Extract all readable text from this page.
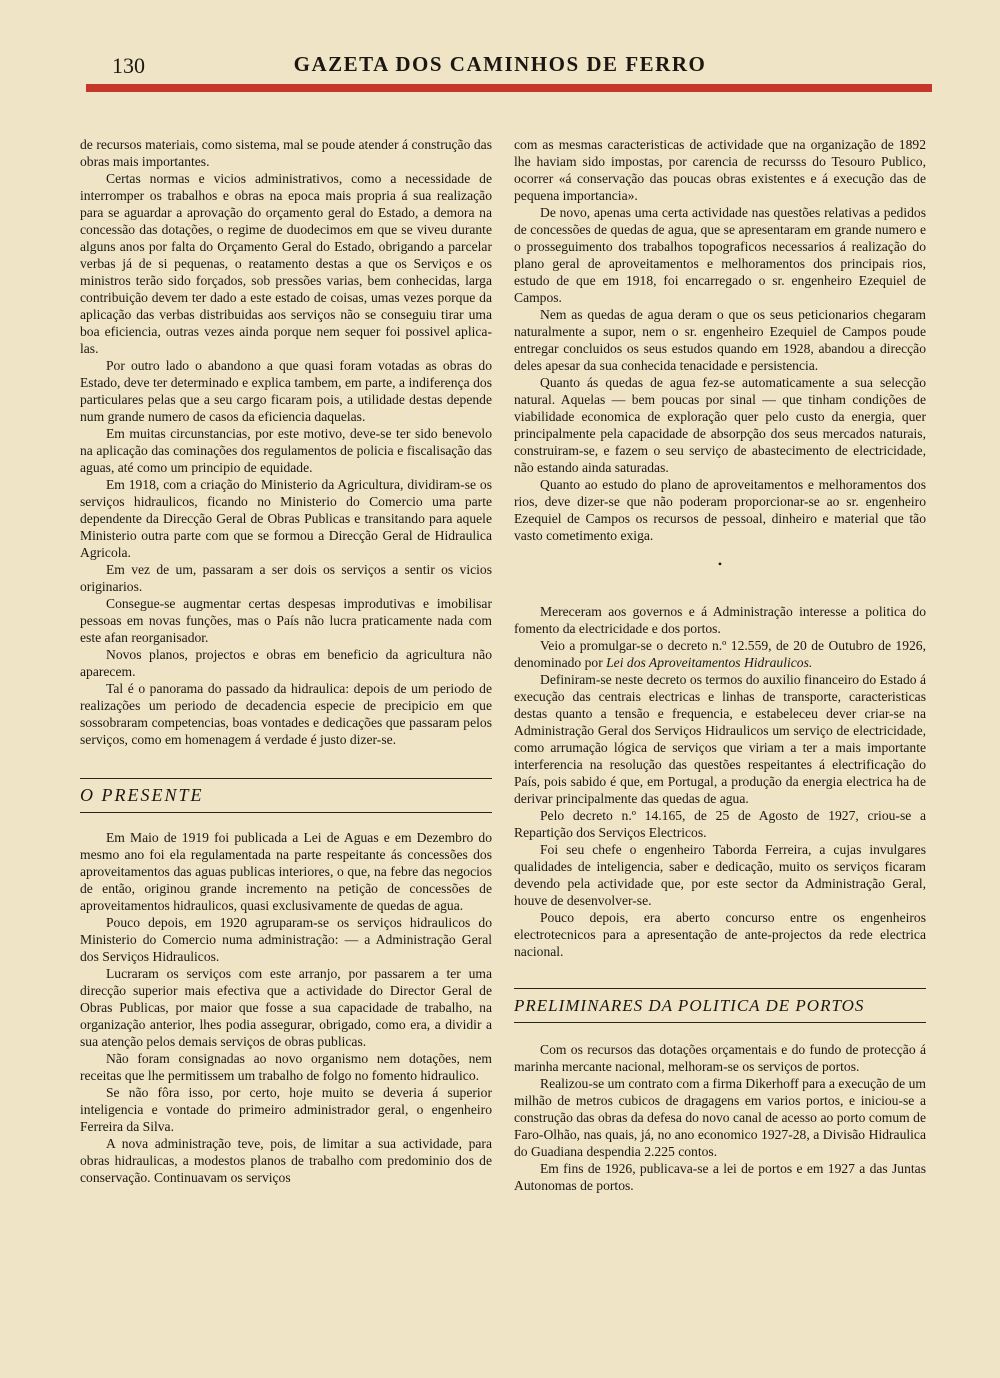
130	GAZETA DOS CAMINHOS DE FERRO

de recursos materiais, como sistema, mal se poude atender á construção das obras mais importantes.

Certas normas e vicios administrativos, como a necessidade de interromper os trabalhos e obras na epoca mais propria á sua realização para se aguardar a aprovação do orçamento geral do Estado, a demora na concessão das dotações, o regime de duodecimos em que se viveu durante alguns anos por falta do Orçamento Geral do Estado, obrigando a parcelar verbas já de si pequenas, o reatamento destas a que os Serviços e os ministros terão sido forçados, sob pressões varias, bem conhecidas, larga contribuição devem ter dado a este estado de coisas, umas vezes porque da aplicação das verbas distribuidas aos serviços não se conseguiu tirar uma boa eficiencia, outras vezes ainda porque nem sequer foi possivel aplica-las.

Por outro lado o abandono a que quasi foram votadas as obras do Estado, deve ter determinado e explica tambem, em parte, a indiferença dos particulares pelas que a seu cargo ficaram pois, a utilidade destas depende num grande numero de casos da eficiencia daquelas.

Em muitas circunstancias, por este motivo, deve-se ter sido benevolo na aplicação das cominações dos regulamentos de policia e fiscalisação das aguas, até como um principio de equidade.

Em 1918, com a criação do Ministerio da Agricultura, dividiram-se os serviços hidraulicos, ficando no Ministerio do Comercio uma parte dependente da Direcção Geral de Obras Publicas e transitando para aquele Ministerio outra parte com que se formou a Direcção Geral de Hidraulica Agricola.

Em vez de um, passaram a ser dois os serviços a sentir os vicios originarios.

Consegue-se augmentar certas despesas improdutivas e imobilisar pessoas em novas funções, mas o País não lucra praticamente nada com este afan reorganisador.

Novos planos, projectos e obras em beneficio da agricultura não aparecem.

Tal é o panorama do passado da hidraulica: depois de um periodo de realizações um periodo de decadencia especie de precipicio em que sossobraram competencias, boas vontades e dedicações que passaram pelos serviços, como em homenagem á verdade é justo dizer-se.

O PRESENTE

Em Maio de 1919 foi publicada a Lei de Aguas e em Dezembro do mesmo ano foi ela regulamentada na parte respeitante ás concessões dos aproveitamentos das aguas publicas interiores, o que, na febre das negocios de então, originou grande incremento na petição de concessões de aproveitamentos hidraulicos, quasi exclusivamente de quedas de agua.

Pouco depois, em 1920 agruparam-se os serviços hidraulicos do Ministerio do Comercio numa administração: — a Administração Geral dos Serviços Hidraulicos.

Lucraram os serviços com este arranjo, por passarem a ter uma direcção superior mais efectiva que a actividade do Director Geral de Obras Publicas, por maior que fosse a sua capacidade de trabalho, na organização anterior, lhes podia assegurar, obrigado, como era, a dividir a sua atenção pelos demais serviços de obras publicas.

Não foram consignadas ao novo organismo nem dotações, nem receitas que lhe permitissem um trabalho de folgo no fomento hidraulico.

Se não fôra isso, por certo, hoje muito se deveria á superior inteligencia e vontade do primeiro administrador geral, o engenheiro Ferreira da Silva.

A nova administração teve, pois, de limitar a sua actividade, para obras hidraulicas, a modestos planos de trabalho com predominio dos de conservação. Continuavam os serviços

com as mesmas caracteristicas de actividade que na organização de 1892 lhe haviam sido impostas, por carencia de recursss do Tesouro Publico, ocorrer «á conservação das poucas obras existentes e á execução das de pequena importancia».

De novo, apenas uma certa actividade nas questões relativas a pedidos de concessões de quedas de agua, que se apresentaram em grande numero e o prosseguimento dos trabalhos topograficos necessarios á realização do plano geral de aproveitamentos e melhoramentos dos principais rios, estudo de que em 1918, foi encarregado o sr. engenheiro Ezequiel de Campos.

Nem as quedas de agua deram o que os seus peticionarios chegaram naturalmente a supor, nem o sr. engenheiro Ezequiel de Campos poude entregar concluidos os seus estudos quando em 1928, abandou a direcção deles apesar da sua conhecida tenacidade e persistencia.

Quanto ás quedas de agua fez-se automaticamente a sua selecção natural. Aquelas — bem poucas por sinal — que tinham condições de viabilidade economica de exploração quer pelo custo da energia, quer principalmente pela capacidade de absorpção dos seus mercados naturais, construiram-se, e fazem o seu serviço de abastecimento de electricidade, não estando ainda saturadas.

Quanto ao estudo do plano de aproveitamentos e melhoramentos dos rios, deve dizer-se que não poderam proporcionar-se ao sr. engenheiro Ezequiel de Campos os recursos de pessoal, dinheiro e material que tão vasto cometimento exiga.

•

Mereceram aos governos e á Administração interesse a politica do fomento da electricidade e dos portos.

Veio a promulgar-se o decreto n.º 12.559, de 20 de Outubro de 1926, denominado por Lei dos Aproveitamentos Hidraulicos.

Definiram-se neste decreto os termos do auxilio financeiro do Estado á execução das centrais electricas e linhas de transporte, caracteristicas destas quanto a tensão e frequencia, e estabeleceu dever criar-se na Administração Geral dos Serviços Hidraulicos um serviço de electricidade, como arrumação lógica de serviços que viriam a ter a mais importante interferencia na resolução das questões respeitantes á electrificação do País, pois sabido é que, em Portugal, a produção da energia electrica ha de derivar principalmente das quedas de agua.

Pelo decreto n.º 14.165, de 25 de Agosto de 1927, criou-se a Repartição dos Serviços Electricos.

Foi seu chefe o engenheiro Taborda Ferreira, a cujas invulgares qualidades de inteligencia, saber e dedicação, muito os serviços ficaram devendo pela actividade que, por este sector da Administração Geral, houve de desenvolver-se.

Pouco depois, era aberto concurso entre os engenheiros electrotecnicos para a apresentação de ante-projectos da rede electrica nacional.

PRELIMINARES DA POLITICA DE PORTOS

Com os recursos das dotações orçamentais e do fundo de protecção á marinha mercante nacional, melhoram-se os serviços de portos.

Realizou-se um contrato com a firma Dikerhoff para a execução de um milhão de metros cubicos de dragagens em varios portos, e iniciou-se a construção das obras da defesa do novo canal de acesso ao porto comum de Faro-Olhão, nas quais, já, no ano economico 1927-28, a Divisão Hidraulica do Guadiana despendia 2.225 contos.

Em fins de 1926, publicava-se a lei de portos e em 1927 a das Juntas Autonomas de portos.
